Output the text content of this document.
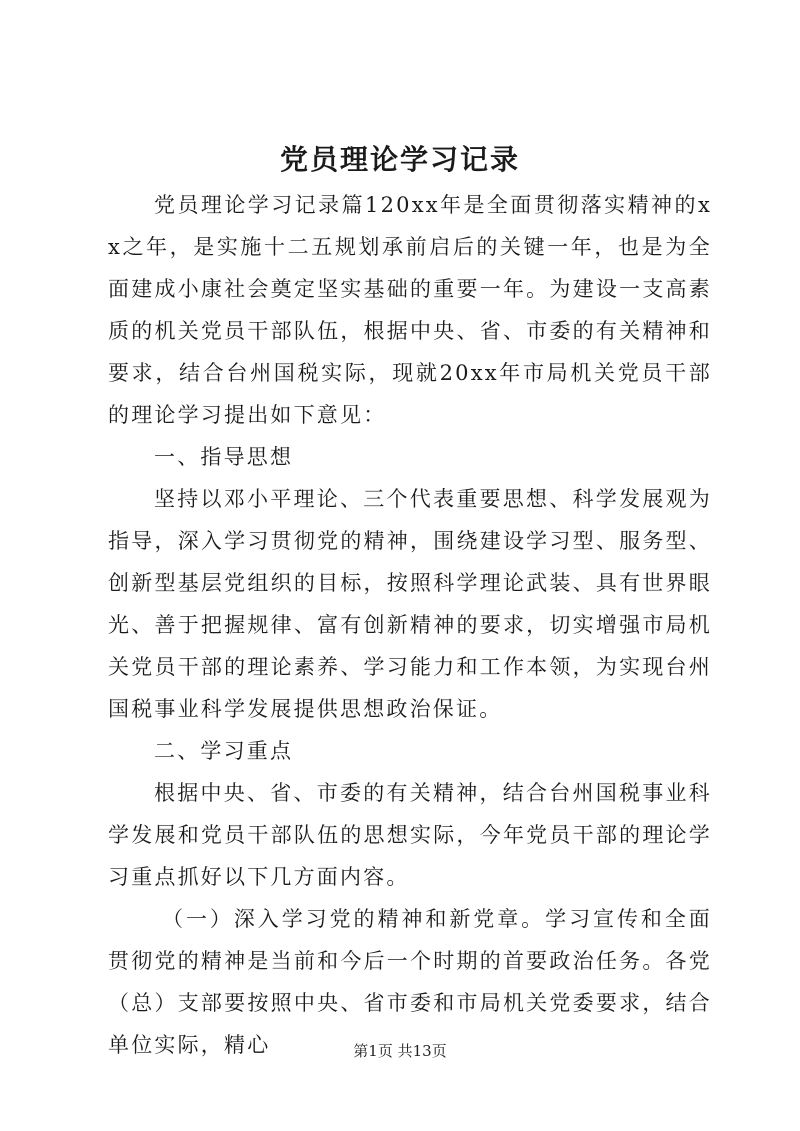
党员理论学习记录

党员理论学习记录篇120xx年是全面贯彻落实精神的xx之年，是实施十二五规划承前启后的关键一年，也是为全面建成小康社会奠定坚实基础的重要一年。为建设一支高素质的机关党员干部队伍，根据中央、省、市委的有关精神和要求，结合台州国税实际，现就20xx年市局机关党员干部的理论学习提出如下意见：

一、指导思想

坚持以邓小平理论、三个代表重要思想、科学发展观为指导，深入学习贯彻党的精神，围绕建设学习型、服务型、创新型基层党组织的目标，按照科学理论武装、具有世界眼光、善于把握规律、富有创新精神的要求，切实增强市局机关党员干部的理论素养、学习能力和工作本领，为实现台州国税事业科学发展提供思想政治保证。

二、学习重点

根据中央、省、市委的有关精神，结合台州国税事业科学发展和党员干部队伍的思想实际，今年党员干部的理论学习重点抓好以下几方面内容。

（一）深入学习党的精神和新党章。学习宣传和全面贯彻党的精神是当前和今后一个时期的首要政治任务。各党（总）支部要按照中央、省市委和市局机关党委要求，结合单位实际，精心	第1页 共13页
